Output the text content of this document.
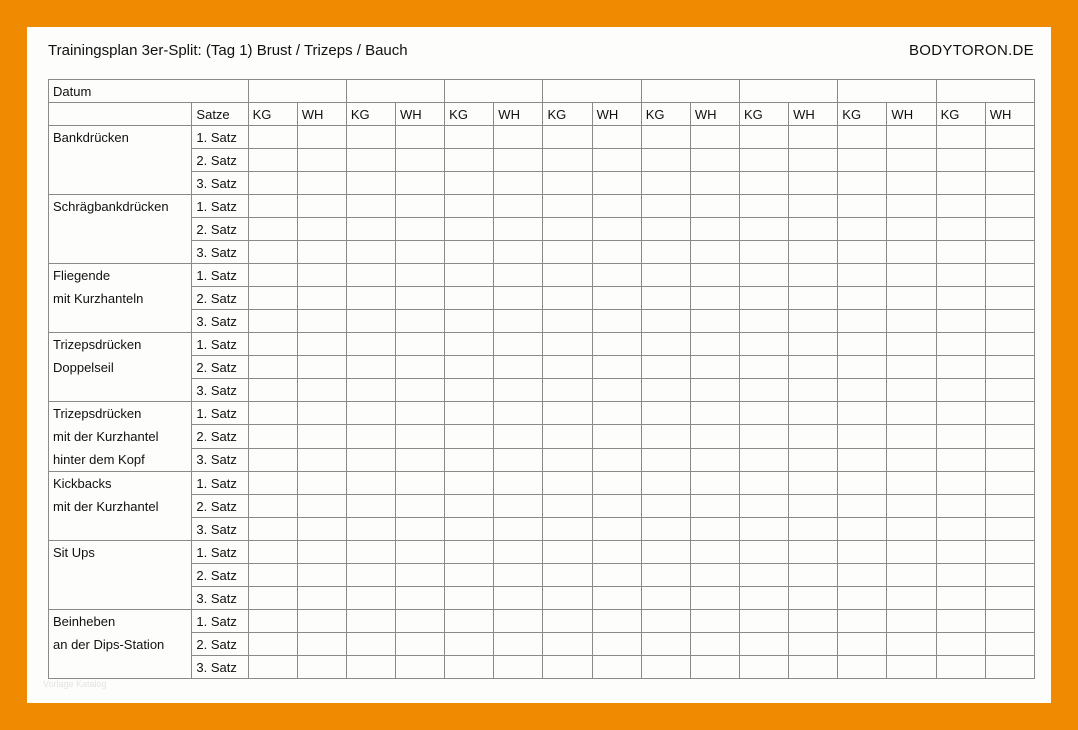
Trainingsplan 3er-Split: (Tag 1) Brust / Trizeps / Bauch	BODYTORON.DE
Datum																	
	Satze	KG	WH	KG	WH	KG	WH	KG	WH	KG	WH	KG	WH	KG	WH	KG	WH

Bankdrücken	1. Satz																
	2. Satz																
	3. Satz																

Schrägbankdrücken	1. Satz																
	2. Satz																
	3. Satz																

Fliegende
mit Kurzhanteln	1. Satz																
	2. Satz																
	3. Satz																

Trizepsdrücken
Doppelseil	1. Satz																
	2. Satz																
	3. Satz																

Trizepsdrücken
mit der Kurzhantel
hinter dem Kopf	1. Satz																
	2. Satz																
	3. Satz																

Kickbacks
mit der Kurzhantel	1. Satz																
	2. Satz																
	3. Satz																

Sit Ups	1. Satz																
	2. Satz																
	3. Satz																

Beinheben
an der Dips-Station	1. Satz																
	2. Satz																
	3. Satz																
Vorlage Katalog
